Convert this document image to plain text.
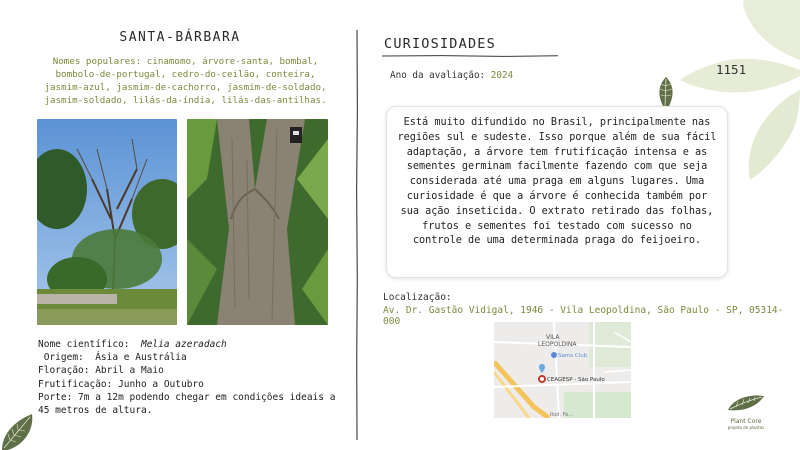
SANTA-BÁRBARA
Nomes populares: cinamomo, árvore-santa, bombal, bombolo-de-portugal, cedro-do-ceilão, conteira, jasmim-azul, jasmim-de-cachorro, jasmim-de-soldado, jasmim-soldado, lilás-da-índia, lilás-das-antilhas.
Nome científico: Melia azeradach
Origem:  Ásia e Austrália
Floração: Abril a Maio
Frutificação: Junho a Outubro
Porte: 7m a 12m podendo chegar em condições ideais a 45 metros de altura.
CURIOSIDADES
Ano da avaliação: 2024

Está muito difundido no Brasil, principalmente nas regiões sul e sudeste. Isso porque além de sua fácil adaptação, a árvore tem frutificação intensa e as sementes germinam facilmente fazendo com que seja considerada até uma praga em alguns lugares. Uma curiosidade é que a árvore é conhecida também por sua ação inseticida. O extrato retirado das folhas, frutos e sementes foi testado com sucesso no controle de uma determinada praga do feijoeiro.

1151
Localização:
Av. Dr. Gastão Vidigal, 1946 - Vila Leopoldina, São Paulo - SP, 05314-000
VILA
LEOPOLDINA
Sams Club
CEAGESP - São Paulo
Rod. Fe...
Plant Core
projeto de plantas
